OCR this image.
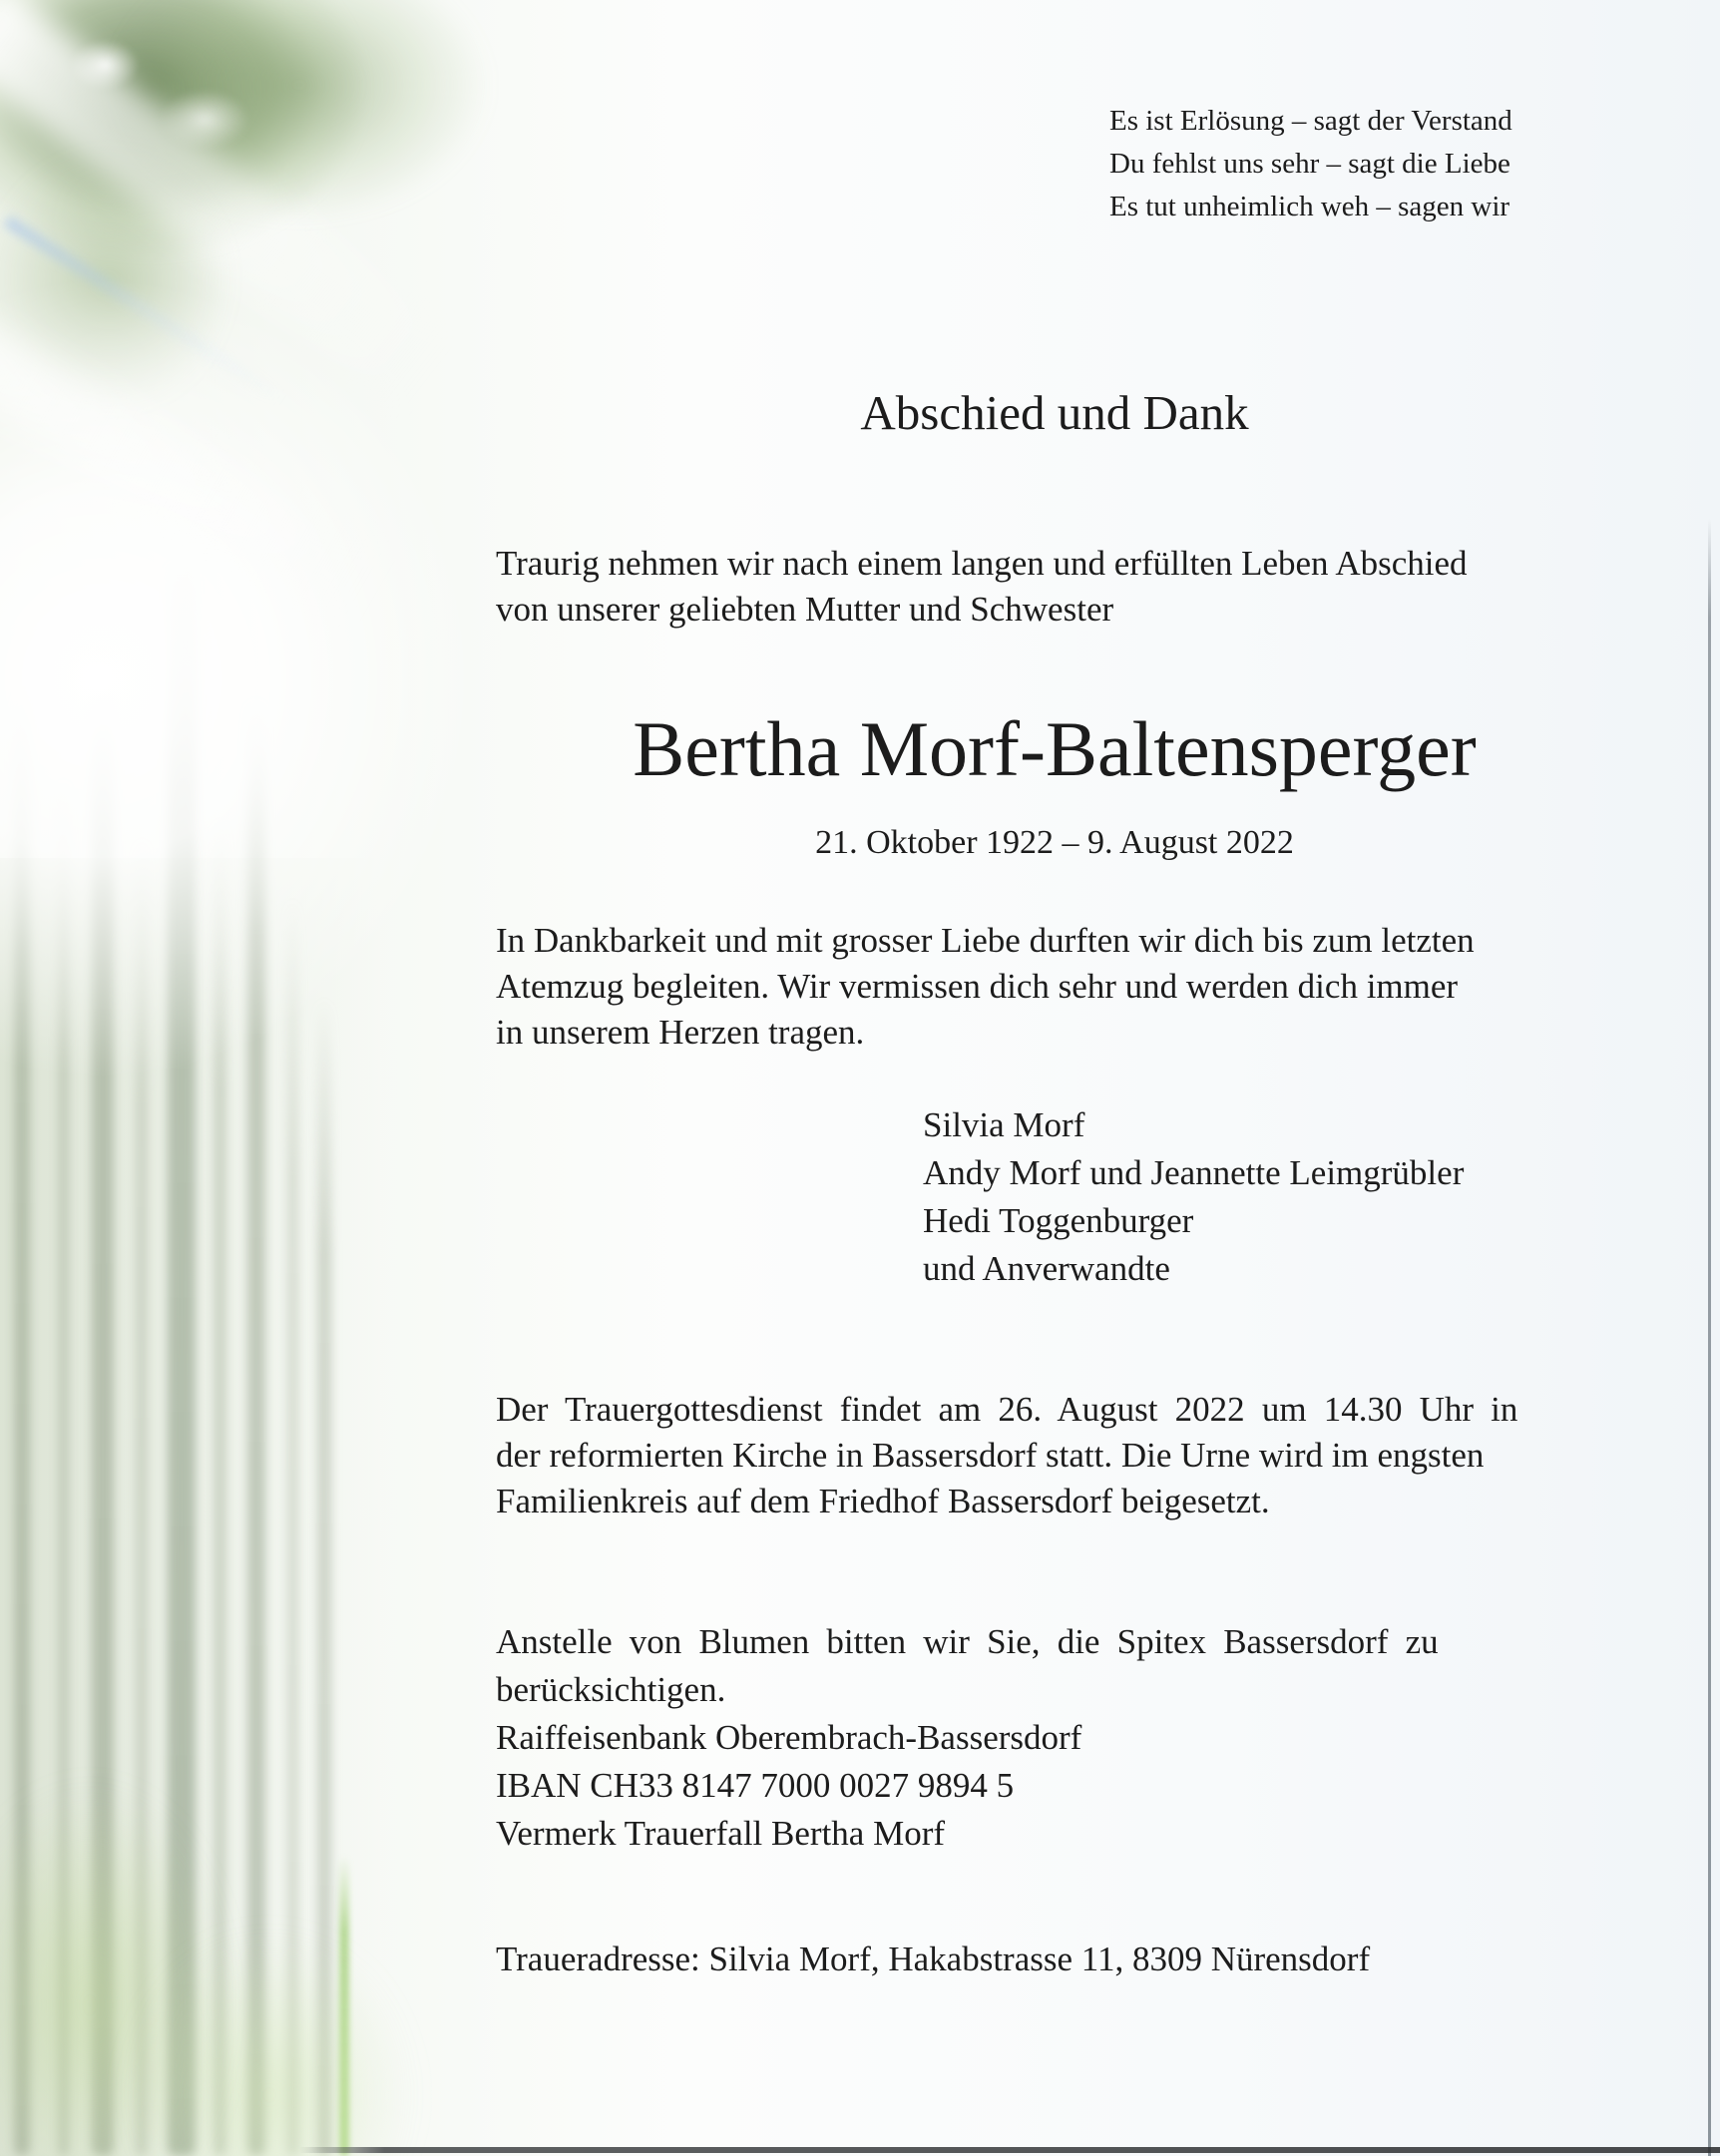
Es ist Erlösung – sagt der Verstand
Du fehlst uns sehr – sagt die Liebe
Es tut unheimlich weh – sagen wir
Abschied und Dank
Traurig nehmen wir nach einem langen und erfüllten Leben Abschied
von unserer geliebten Mutter und Schwester
Bertha Morf-Baltensperger
21. Oktober 1922 – 9. August 2022
In Dankbarkeit und mit grosser Liebe durften wir dich bis zum letzten
Atemzug begleiten. Wir vermissen dich sehr und werden dich immer
in unserem Herzen tragen.
Silvia Morf
Andy Morf und Jeannette Leimgrübler
Hedi Toggenburger
und Anverwandte
Der Trauergottesdienst findet am 26. August 2022 um 14.30 Uhr in
der reformierten Kirche in Bassersdorf statt. Die Urne wird im engsten
Familienkreis auf dem Friedhof Bassersdorf beigesetzt.
Anstelle von Blumen bitten wir Sie, die Spitex Bassersdorf zu
berücksichtigen.
Raiffeisenbank Oberembrach-Bassersdorf
IBAN CH33 8147 7000 0027 9894 5
Vermerk Trauerfall Bertha Morf
Traueradresse: Silvia Morf, Hakabstrasse 11, 8309 Nürensdorf
